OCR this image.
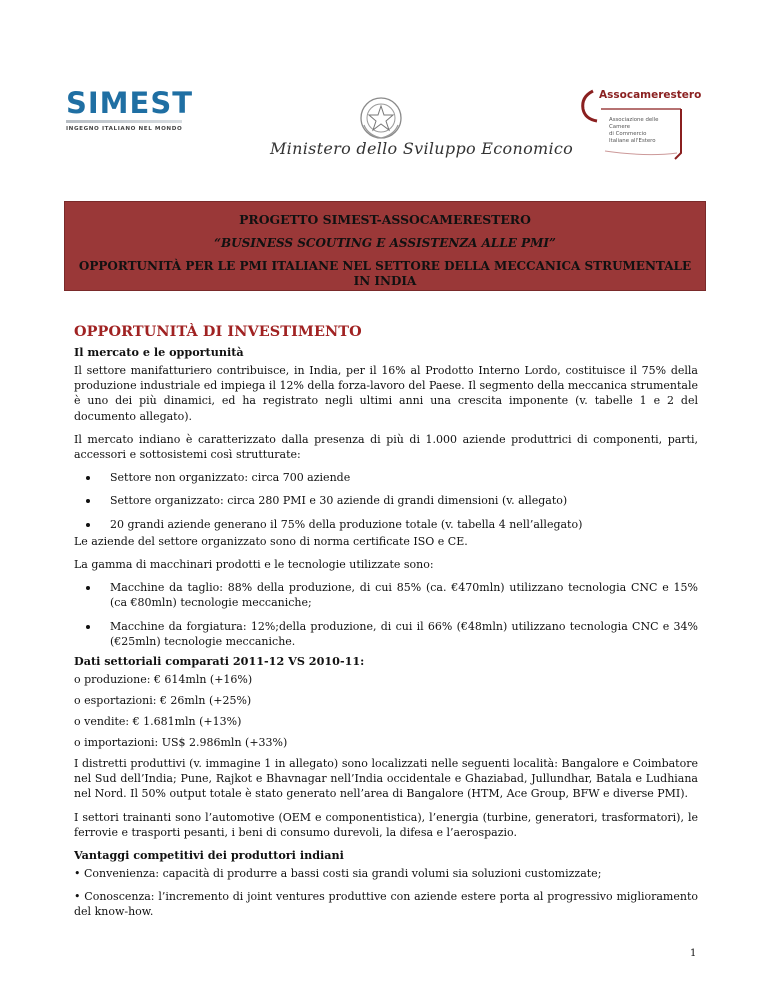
SIMEST
INGEGNO ITALIANO NEL MONDO
Ministero dello Sviluppo Economico
Assocamerestero
Associazione delle Camere
di Commercio
Italiane all'Estero
PROGETTO SIMEST-ASSOCAMERESTERO
“BUSINESS SCOUTING E ASSISTENZA ALLE PMI”
OPPORTUNITÀ PER LE PMI ITALIANE NEL SETTORE DELLA MECCANICA STRUMENTALE IN INDIA
OPPORTUNITÀ DI INVESTIMENTO
Il mercato e le opportunità

Il settore manifatturiero contribuisce, in India, per il 16% al Prodotto Interno Lordo, costituisce il 75% della produzione industriale ed impiega il 12% della forza-lavoro del Paese. Il segmento della meccanica strumentale è uno dei più dinamici, ed ha registrato negli ultimi anni una crescita imponente (v. tabelle 1 e 2 del documento allegato).

Il mercato indiano è caratterizzato dalla presenza di più di 1.000 aziende produttrici di componenti, parti, accessori e sottosistemi così strutturate:

Settore non organizzato: circa 700 aziende
Settore organizzato: circa 280 PMI e 30 aziende di grandi dimensioni (v. allegato)
20 grandi aziende generano il 75% della produzione totale (v. tabella 4 nell’allegato)

Le aziende del settore organizzato sono di norma certificate ISO e CE.

La gamma di macchinari prodotti e le tecnologie utilizzate sono:

Macchine da taglio: 88% della produzione, di cui 85% (ca. €470mln) utilizzano tecnologia CNC e 15% (ca €80mln) tecnologie meccaniche;
Macchine da forgiatura: 12%;della produzione, di cui il 66% (€48mln) utilizzano tecnologia CNC e 34% (€25mln) tecnologie meccaniche.
Dati settoriali comparati 2011-12 VS 2010-11:
o produzione: € 614mln (+16%)
o esportazioni: € 26mln (+25%)
o vendite: € 1.681mln (+13%)
o importazioni: US$ 2.986mln (+33%)

I distretti produttivi (v. immagine 1 in allegato) sono localizzati nelle seguenti località: Bangalore e Coimbatore nel Sud dell’India; Pune, Rajkot e Bhavnagar nell’India occidentale e Ghaziabad, Jullundhar, Batala e Ludhiana nel Nord. Il 50% output totale è stato generato nell’area di Bangalore (HTM, Ace Group, BFW e diverse PMI).

I settori trainanti sono l’automotive (OEM e componentistica), l’energia (turbine, generatori, trasformatori), le ferrovie e trasporti pesanti, i beni di consumo durevoli, la difesa e l’aerospazio.

Vantaggi competitivi dei produttori indiani

• Convenienza: capacità di produrre a bassi costi sia grandi volumi sia soluzioni customizzate;

• Conoscenza: l’incremento di joint ventures produttive con aziende estere porta al progressivo miglioramento del know-how.

1
